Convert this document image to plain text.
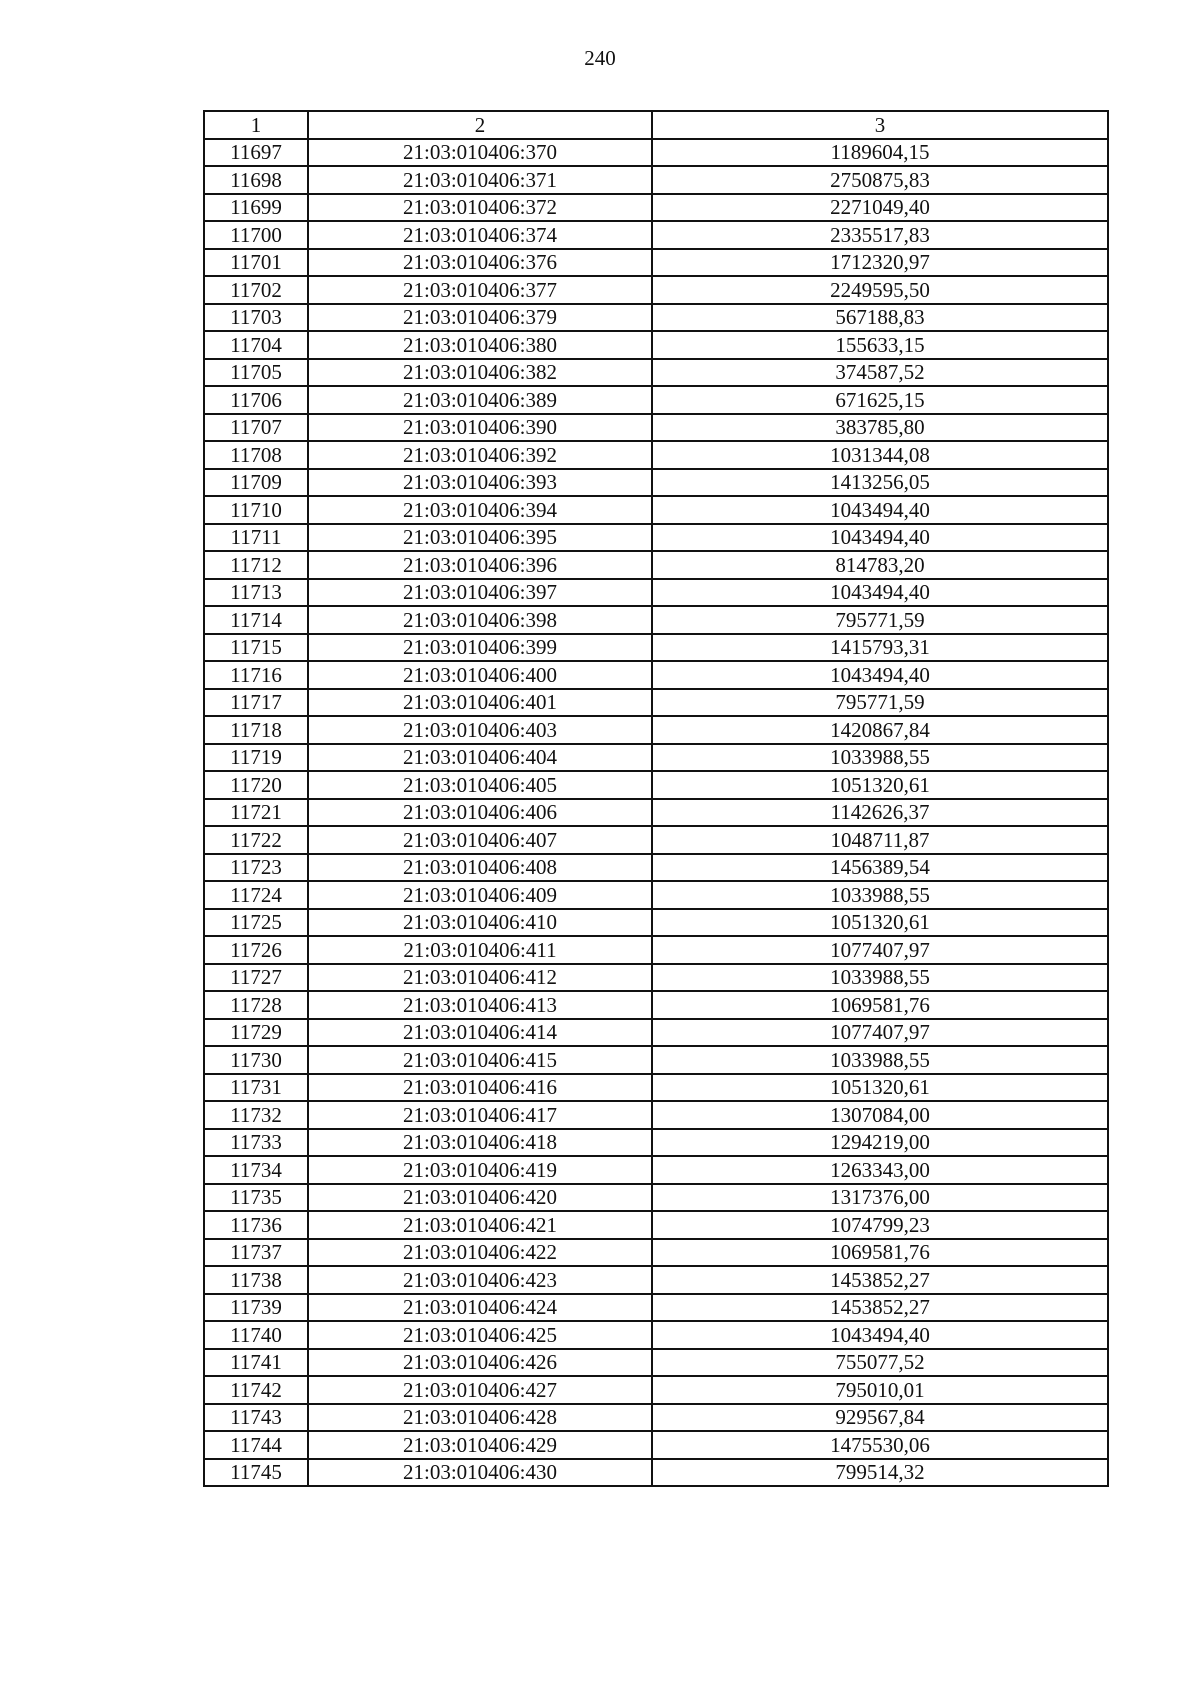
240
1	2	3
11697	21:03:010406:370	1189604,15
11698	21:03:010406:371	2750875,83
11699	21:03:010406:372	2271049,40
11700	21:03:010406:374	2335517,83
11701	21:03:010406:376	1712320,97
11702	21:03:010406:377	2249595,50
11703	21:03:010406:379	567188,83
11704	21:03:010406:380	155633,15
11705	21:03:010406:382	374587,52
11706	21:03:010406:389	671625,15
11707	21:03:010406:390	383785,80
11708	21:03:010406:392	1031344,08
11709	21:03:010406:393	1413256,05
11710	21:03:010406:394	1043494,40
11711	21:03:010406:395	1043494,40
11712	21:03:010406:396	814783,20
11713	21:03:010406:397	1043494,40
11714	21:03:010406:398	795771,59
11715	21:03:010406:399	1415793,31
11716	21:03:010406:400	1043494,40
11717	21:03:010406:401	795771,59
11718	21:03:010406:403	1420867,84
11719	21:03:010406:404	1033988,55
11720	21:03:010406:405	1051320,61
11721	21:03:010406:406	1142626,37
11722	21:03:010406:407	1048711,87
11723	21:03:010406:408	1456389,54
11724	21:03:010406:409	1033988,55
11725	21:03:010406:410	1051320,61
11726	21:03:010406:411	1077407,97
11727	21:03:010406:412	1033988,55
11728	21:03:010406:413	1069581,76
11729	21:03:010406:414	1077407,97
11730	21:03:010406:415	1033988,55
11731	21:03:010406:416	1051320,61
11732	21:03:010406:417	1307084,00
11733	21:03:010406:418	1294219,00
11734	21:03:010406:419	1263343,00
11735	21:03:010406:420	1317376,00
11736	21:03:010406:421	1074799,23
11737	21:03:010406:422	1069581,76
11738	21:03:010406:423	1453852,27
11739	21:03:010406:424	1453852,27
11740	21:03:010406:425	1043494,40
11741	21:03:010406:426	755077,52
11742	21:03:010406:427	795010,01
11743	21:03:010406:428	929567,84
11744	21:03:010406:429	1475530,06
11745	21:03:010406:430	799514,32
